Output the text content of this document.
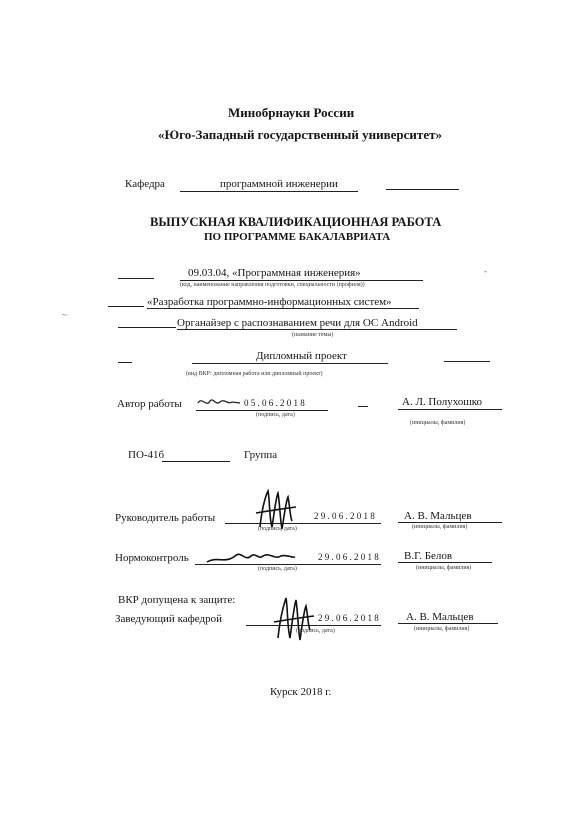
Минобрнауки России
«Юго-Западный государственный университет»
Кафедра	программной инженерии
ВЫПУСКНАЯ КВАЛИФИКАЦИОННАЯ РАБОТА
ПО ПРОГРАММЕ БАКАЛАВРИАТА
09.03.04, «Программная инженерия»	-
(код, наименование направления подготовки, специальности (профиля))
«Разработка программно-информационных систем»
~
Органайзер с распознаванием речи для ОС Android
(название темы)
Дипломный проект
(вид ВКР: дипломная работа или дипломный проект)
Автор работы	0 5 . 0 6 . 2 0 1 8
(подпись, дата)
А. Л. Полухошко
(инициалы, фамилия)
ПО-41б	Группа
Руководитель работы	2 9 . 0 6 . 2 0 1 8
(подпись, дата)
А. В. Мальцев
(инициалы, фамилия)
Нормоконтроль	2 9 . 0 6 . 2 0 1 8
(подпись, дата)
В.Г. Белов
(инициалы, фамилия)
ВКР допущена к защите:
Заведующий кафедрой	2 9 . 0 6 . 2 0 1 8
(подпись, дата)
А. В. Мальцев
(инициалы, фамилия)
Курск 2018 г.
